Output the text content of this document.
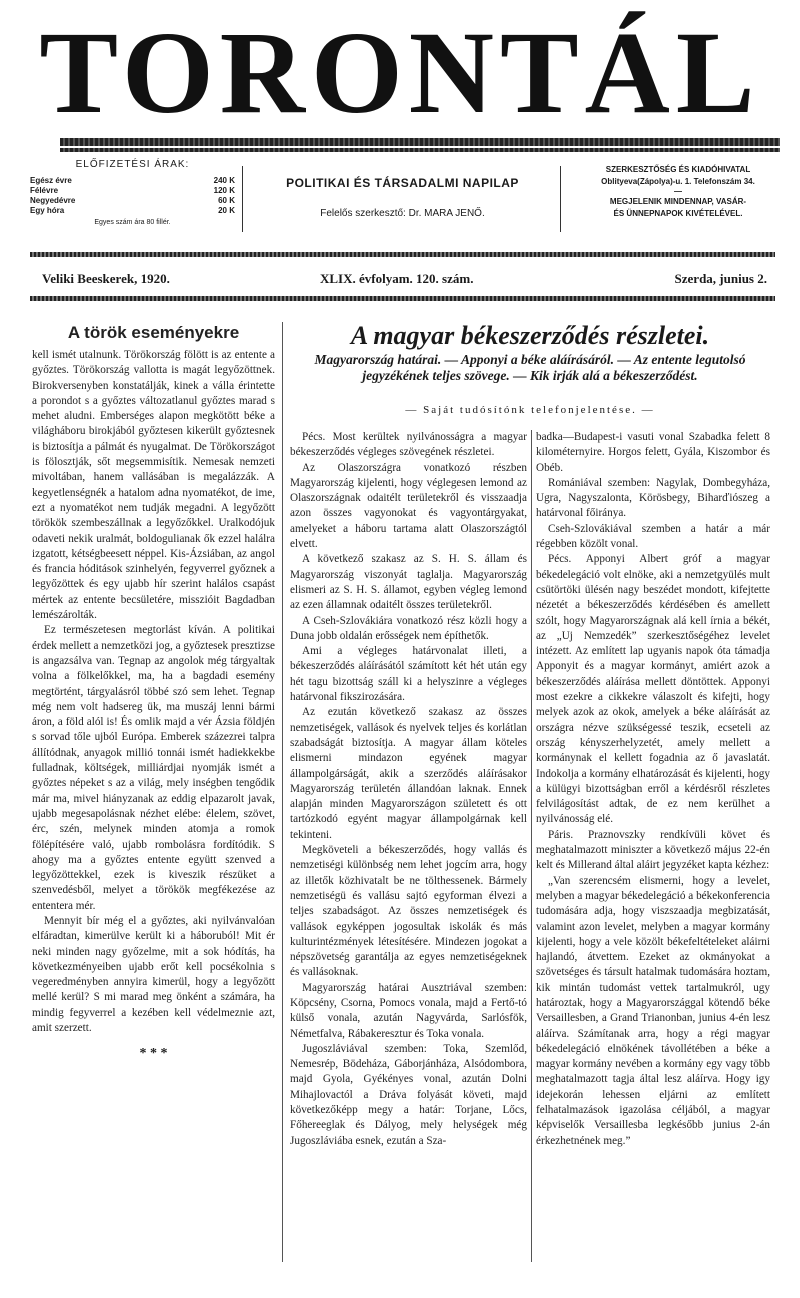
TORONTÁL
ELŐFIZETÉSI ÁRAK:
Egész évre	240 K
Félévre	120 K
Negyedévre	60 K
Egy hóra	20 K
Egyes szám ára 80 fillér.
POLITIKAI ÉS TÁRSADALMI NAPILAP
Felelős szerkesztő: Dr. MARA JENŐ.
SZERKESZTŐSÉG ÉS KIADÓHIVATAL
Oblityeva(Zápolya)-u. 1. Telefonszám 34.
—
MEGJELENIK MINDENNAP, VASÁR-
ÉS ÜNNEPNAPOK KIVÉTELÉVEL.
Veliki Beeskerek, 1920.	XLIX. évfolyam. 120. szám.	Szerda, junius 2.

A török eseményekre

kell ismét utalnunk. Törökország fölött is az entente a győztes. Törökország vallotta is magát legyőzöttnek. Birokversenyben konstatálják, kinek a válla érintette a porondot s a győztes változatlanul győztes marad s mehet aludni. Emberséges alapon megkötött béke a világháboru birokjából győztesen kikerült győztesnek is biztosítja a pálmát és nyugalmat. De Törökországot is fölosztják, sőt megsemmisítik. Nemesak nemzeti mivoltában, hanem vallásában is megalázzák. A kegyetlenségnék a hatalom adna nyomatékot, de ime, ezt a nyomatékot nem tudják megadni. A legyőzött törökök szembeszállnak a legyőzőkkel. Uralkodójuk odaveti nekik uralmát, boldogulianak ők ezzel halálra izgatott, kétségbeesett néppel. Kis-Ázsiában, az angol és francia hóditások szinhelyén, fegyverrel győznek a legyőzöttek és egy ujabb hír szerint halálos csapást mértek az entente becsületére, misszióit Bagdadban lemészárolták.

Ez természetesen megtorlást kíván. A politikai érdek mellett a nemzetközi jog, a győztesek presztizse is angazsálva van. Tegnap az angolok még tárgyaltak volna a fölkelőkkel, ma, ha a bagdadi esemény megtörtént, tárgyalásról többé szó sem lehet. Tegnap még nem volt hadsereg ük, ma muszáj lenni bármi áron, a föld alól is! És omlik majd a vér Ázsia földjén s sorvad tőle ujból Európa. Emberek százezrei talpra állítódnak, anyagok millió tonnái ismét hadiekkekbe fulladnak, költségek, milliárdjai nyomják ismét a győztes népeket s az a világ, mely inségben tengődik már ma, mivel hiányzanak az eddig elpazarolt javak, ujabb megesapolásnak nézhet elébe: élelem, szövet, érc, szén, melynek minden atomja a romok fölépítésére való, ujabb rombolásra fordítódik. S ahogy ma a győztes entente együtt szenved a legyőzöttekkel, ezek is kiveszik részüket a szenvedésből, melyet a törökök megfékezése az ententera mér.

Mennyit bír még el a győztes, aki nyilvánvalóan elfáradtan, kimerülve került ki a háboruból! Mit ér neki minden nagy győzelme, mit a sok hódítás, ha következményeiben ujabb erőt kell pocsékolnia s vegeredményben annyira kimerül, hogy a legyőzött mellé kerül? S mi marad meg önként a számára, ha mindig fegyverrel a kezében kell védelmeznie azt, amit szerzett.

* * *

A magyar békeszerződés részletei.
Magyarország határai. — Apponyi a béke aláírásáról. — Az entente legutolsó jegyzékének teljes szövege. — Kik irják alá a békeszerződést.
— Saját tudósítónk telefonjelentése. —

Pécs. Most kerültek nyilvánosságra a magyar békeszerződés végleges szövegének részletei.

Az Olaszországra vonatkozó részben Magyarország kijelenti, hogy véglegesen lemond az Olaszországnak odaitélt területekről és visszaadja azon összes vagyonokat és vagyontárgyakat, amelyeket a háboru tartama alatt Olaszországtól elvett.

A következő szakasz az S. H. S. állam és Magyarország viszonyát taglalja. Magyarország elismeri az S. H. S. államot, egyben végleg lemond az ezen államnak odaitélt összes területekről.

A Cseh-Szlovákiára vonatkozó rész közli hogy a Duna jobb oldalán erősségek nem építhetők.

Ami a végleges határvonalat illeti, a békeszerződés aláírásától számított két hét után egy hét tagu bizottság száll ki a helyszinre a végleges határvonal fikszirozására.

Az ezután következő szakasz az összes nemzetiségek, vallások és nyelvek teljes és korlátlan szabadságát biztosítja. A magyar állam köteles elismerni mindazon egyének magyar állampolgárságát, akik a szerződés aláírásakor Magyarország területén állandóan laknak. Ennek alapján minden Magyarországon született és ott tartózkodó egyént magyar állampolgárnak kell tekinteni.

Megköveteli a békeszerződés, hogy vallás és nemzetiségi különbség nem lehet jogcím arra, hogy az illetők közhivatalt be ne tölthessenek. Bármely nemzetiségü és vallásu sajtó egyforman élvezi a teljes szabadságot. Az összes nemzetiségek és vallások egyképpen jogosultak iskolák és más kulturintézmények létesítésére. Mindezen jogokat a népszövetség garantálja az egyes nemzetiségeknek és vallásoknak.

Magyarország határai Ausztriával szemben: Köpcsény, Csorna, Pomocs vonala, majd a Fertő-tó külső vonala, azután Nagyvárda, Sarlósfök, Németfalva, Rábakeresztur és Toka vonala.

Jugoszláviával szemben: Toka, Szemlőd, Nemesrép, Bödeháza, Gáborjánháza, Alsódombora, majd Gyola, Gyékényes vonal, azután Dolni Mihajlovactól a Dráva folyását követi, majd következőképp megy a határ: Torjane, Lőcs, Főhereeglak és Dályog, mely helységek még Jugoszláviába esnek, ezután a Sza-

badka—Budapest-i vasuti vonal Szabadka felett 8 kilométernyire. Horgos felett, Gyála, Kiszombor és Obéb.

Romániával szemben: Nagylak, Dombegyháza, Ugra, Nagyszalonta, Körösbegy, Biharďiószeg a határvonal főiránya.

Cseh-Szlovákiával szemben a határ a már régebben közölt vonal.

Pécs. Apponyi Albert gróf a magyar békedelegáció volt elnöke, aki a nemzetgyülés mult csütörtöki ülésén nagy beszédet mondott, kifejtette nézetét a békeszerződés kérdésében és amellett szólt, hogy Magyarországnak alá kell írnia a békét, az „Uj Nemzedék” szerkesztőségéhez levelet intézett. Az említett lap ugyanis napok óta támadja Apponyit és a magyar kormányt, amiért azok a békeszerződés aláírása mellett döntöttek. Apponyi most ezekre a cikkekre válaszolt és kifejti, hogy melyek azok az okok, amelyek a béke aláírását az országra nézve szükségessé teszik, ecseteli az ország kényszerhelyzetét, amely mellett a kormánynak el kellett fogadnia az ő javaslatát. Indokolja a kormány elhatározását és kijelenti, hogy a külügyi bizottságban erről a kérdésről részletes felvilágosítást adtak, de ez nem kerülhet a nyilvánosság elé.

Páris. Praznovszky rendkívüli követ és meghatalmazott miniszter a következő május 22-én kelt és Millerand által aláirt jegyzéket kapta kézhez:

„Van szerencsém elismerni, hogy a levelet, melyben a magyar békedelegáció a békekonferencia tudomására adja, hogy viszszaadja megbizatását, valamint azon levelet, melyben a magyar kormány kijelenti, hogy a vele közölt békefeltételeket aláirni hajlandó, átvettem. Ezeket az okmányokat a szövetséges és társult hatalmak tudomására hoztam, kik mintán tudomást vettek tartalmukról, ugy határoztak, hogy a Magyarországgal kötendő béke Versaillesben, a Grand Trianonban, junius 4-én lesz aláírva. Számítanak arra, hogy a régi magyar békedelegáció elnökének távollétében a béke a magyar kormány nevében a kormány egy vagy több meghatalmazott tagja által lesz aláírva. Hogy igy idejekorán lehessen eljárni az említett felhatalmazások igazolása céljából, a magyar képviselők Versaillesba legkésőbb junius 2-án érkezhetnének meg.”
